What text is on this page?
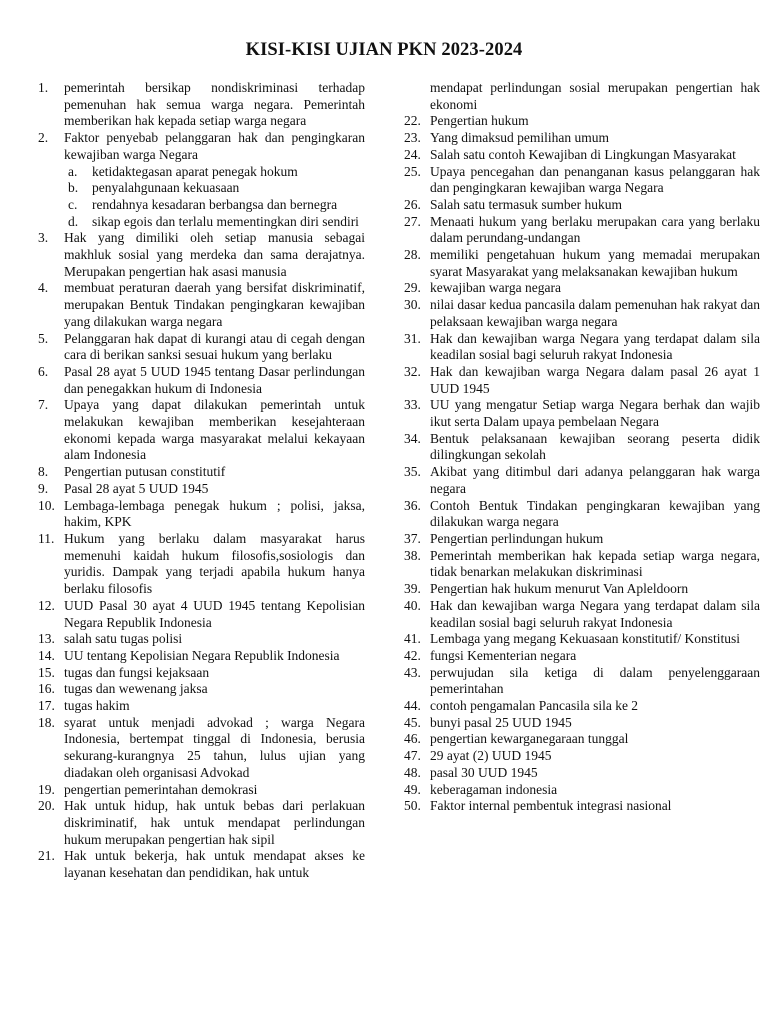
KISI-KISI UJIAN PKN 2023-2024
1.	pemerintah bersikap nondiskriminasi terhadap pemenuhan hak semua warga negara. Pemerintah memberikan hak kepada setiap warga negara
2.	Faktor penyebab pelanggaran hak dan pengingkaran kewajiban warga Negara
a.	ketidaktegasan aparat penegak hokum
b.	penyalahgunaan kekuasaan
c.	rendahnya kesadaran berbangsa dan bernegra
d.	sikap egois dan terlalu mementingkan diri sendiri
3.	Hak yang dimiliki oleh setiap manusia sebagai makhluk sosial yang merdeka dan sama derajatnya. Merupakan pengertian hak asasi manusia
4.	membuat peraturan daerah yang bersifat diskriminatif, merupakan Bentuk Tindakan pengingkaran kewajiban yang dilakukan warga negara
5.	Pelanggaran hak dapat di kurangi atau di cegah dengan cara di berikan sanksi sesuai hukum yang berlaku
6.	Pasal 28 ayat 5 UUD 1945 tentang Dasar perlindungan dan penegakkan hukum di Indonesia
7.	Upaya yang dapat dilakukan pemerintah untuk melakukan kewajiban memberikan kesejahteraan ekonomi kepada warga masyarakat melalui kekayaan alam Indonesia
8.	Pengertian putusan constitutif
9.	Pasal 28 ayat 5 UUD 1945
10. Lembaga-lembaga penegak hukum ; polisi, jaksa, hakim, KPK
11. Hukum yang berlaku dalam masyarakat harus memenuhi kaidah hukum filosofis,sosiologis dan yuridis. Dampak yang terjadi apabila hukum hanya berlaku filosofis
12. UUD Pasal 30 ayat 4 UUD 1945 tentang Kepolisian Negara Republik Indonesia
13. salah satu tugas polisi
14. UU tentang Kepolisian Negara Republik Indonesia
15. tugas dan fungsi kejaksaan
16. tugas dan wewenang jaksa
17. tugas hakim
18. syarat untuk menjadi advokad ; warga Negara Indonesia, bertempat tinggal di Indonesia, berusia sekurang-kurangnya 25 tahun, lulus ujian yang diadakan oleh organisasi Advokad
19. pengertian pemerintahan demokrasi
20. Hak untuk hidup, hak untuk bebas dari perlakuan diskriminatif, hak untuk mendapat perlindungan hukum merupakan pengertian hak sipil
21. Hak untuk bekerja, hak untuk mendapat akses ke layanan kesehatan dan pendidikan, hak untuk
mendapat perlindungan sosial merupakan pengertian hak ekonomi
22. Pengertian hukum
23. Yang dimaksud pemilihan umum
24. Salah satu contoh Kewajiban di Lingkungan Masyarakat
25. Upaya pencegahan dan penanganan kasus pelanggaran hak dan pengingkaran kewajiban warga Negara
26. Salah satu termasuk sumber hukum
27. Menaati hukum yang berlaku merupakan cara yang berlaku dalam perundang-undangan
28. memiliki pengetahuan hukum yang memadai merupakan syarat Masyarakat yang melaksanakan kewajiban hukum
29. kewajiban warga negara
30. nilai dasar kedua pancasila dalam pemenuhan hak rakyat dan pelaksaan kewajiban warga negara
31. Hak dan kewajiban warga Negara yang terdapat dalam sila keadilan sosial bagi seluruh rakyat Indonesia
32. Hak dan kewajiban warga Negara dalam pasal 26 ayat 1 UUD 1945
33. UU yang mengatur Setiap warga Negara berhak dan wajib ikut serta Dalam upaya pembelaan Negara
34. Bentuk pelaksanaan kewajiban seorang peserta didik dilingkungan sekolah
35. Akibat yang ditimbul dari adanya pelanggaran hak warga negara
36. Contoh Bentuk Tindakan pengingkaran kewajiban yang dilakukan warga negara
37. Pengertian perlindungan hukum
38. Pemerintah memberikan hak kepada setiap warga negara, tidak benarkan melakukan diskriminasi
39. Pengertian hak hukum menurut Van Apleldoorn
40. Hak dan kewajiban warga Negara yang terdapat dalam sila keadilan sosial bagi seluruh rakyat Indonesia
41. Lembaga yang megang Kekuasaan konstitutif/ Konstitusi
42. fungsi Kementerian negara
43. perwujudan sila ketiga di dalam penyelenggaraan pemerintahan
44. contoh pengamalan Pancasila sila ke 2
45. bunyi pasal 25 UUD 1945
46. pengertian kewarganegaraan tunggal
47. 29 ayat (2) UUD 1945
48. pasal 30 UUD 1945
49. keberagaman indonesia
50. Faktor internal pembentuk integrasi nasional
